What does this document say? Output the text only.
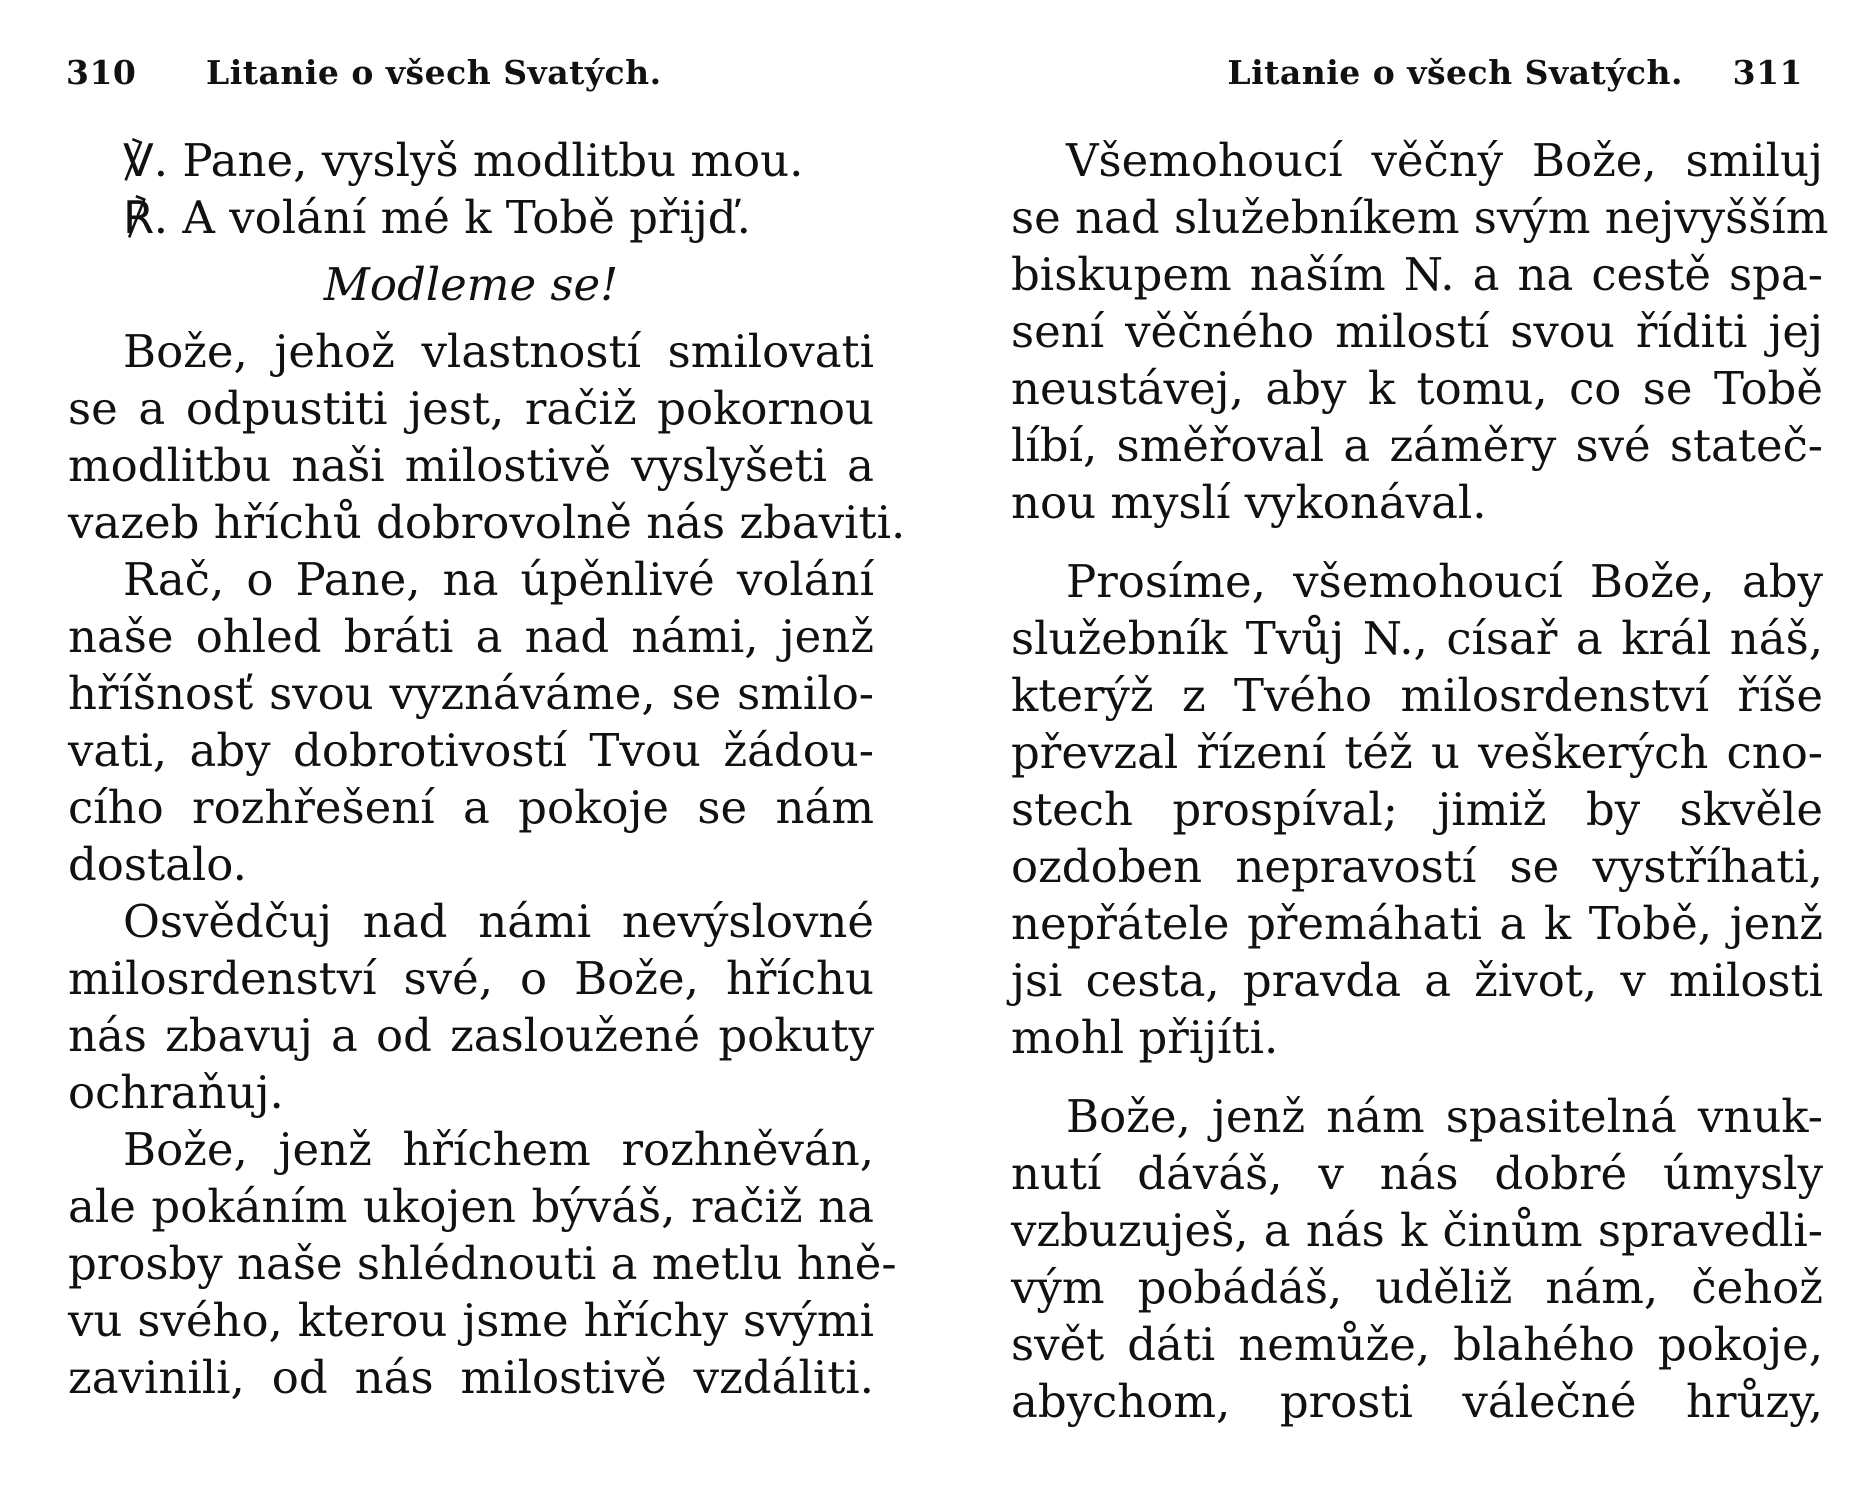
310 Litanie o všech Svatých.
℣. Pane, vyslyš modlitbu mou.
℟. A volání mé k Tobě přijď.
Modleme se!
Bože, jehož vlastností smilovati
se a odpustiti jest, račiž pokornou
modlitbu naši milostivě vyslyšeti a
vazeb hříchů dobrovolně nás zbaviti.
Rač, o Pane, na úpěnlivé volání
naše ohled bráti a nad námi, jenž
hříšnosť svou vyznáváme, se smilo-
vati, aby dobrotivostí Tvou žádou-
cího rozhřešení a pokoje se nám
dostalo.
Osvědčuj nad námi nevýslovné
milosrdenství své, o Bože, hříchu
nás zbavuj a od zasloužené pokuty
ochraňuj.
Bože, jenž hříchem rozhněván,
ale pokáním ukojen býváš, račiž na
prosby naše shlédnouti a metlu hně-
vu svého, kterou jsme hříchy svými
zavinili, od nás milostivě vzdáliti.
Litanie o všech Svatých. 311
Všemohoucí věčný Bože, smiluj
se nad služebníkem svým nejvyšším
biskupem naším N. a na cestě spa-
sení věčného milostí svou říditi jej
neustávej, aby k tomu, co se Tobě
líbí, směřoval a záměry své stateč-
nou myslí vykonával.
Prosíme, všemohoucí Bože, aby
služebník Tvůj N., císař a král náš,
kterýž z Tvého milosrdenství říše
převzal řízení též u veškerých cno-
stech prospíval; jimiž by skvěle
ozdoben nepravostí se vystříhati,
nepřátele přemáhati a k Tobě, jenž
jsi cesta, pravda a život, v milosti
mohl přijíti.
Bože, jenž nám spasitelná vnuk-
nutí dáváš, v nás dobré úmysly
vzbuzuješ, a nás k činům spravedli-
vým pobádáš, uděliž nám, čehož
svět dáti nemůže, blahého pokoje,
abychom, prosti válečné hrůzy,
